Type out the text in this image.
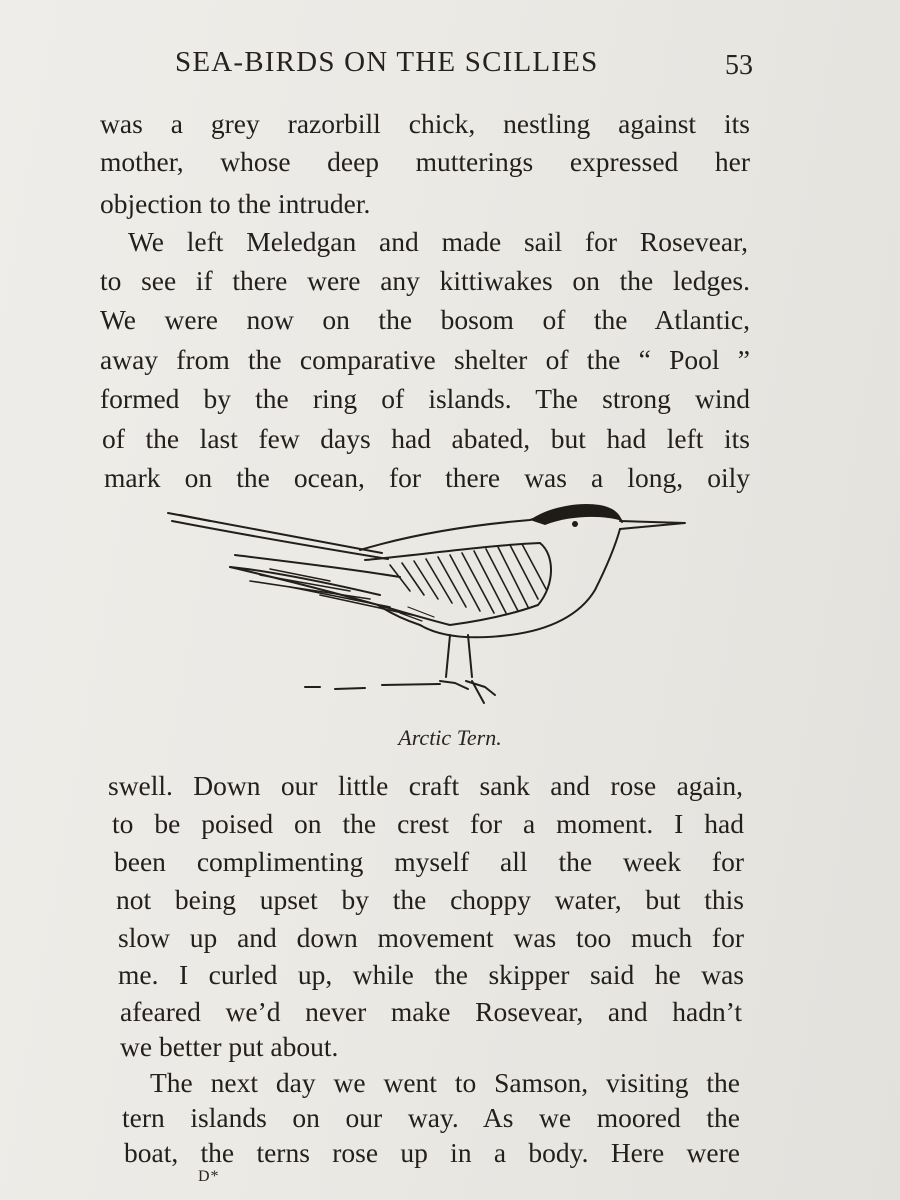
SEA-BIRDS ON THE SCILLIES	53
was a grey razorbill chick, nestling against its
mother, whose deep mutterings expressed her
objection to the intruder.
We left Meledgan and made sail for Rosevear,
to see if there were any kittiwakes on the ledges.
We were now on the bosom of the Atlantic,
away from the comparative shelter of the “ Pool ”
formed by the ring of islands. The strong wind
of the last few days had abated, but had left its
mark on the ocean, for there was a long, oily
Arctic Tern.
swell. Down our little craft sank and rose again,
to be poised on the crest for a moment. I had
been complimenting myself all the week for
not being upset by the choppy water, but this
slow up and down movement was too much for
me. I curled up, while the skipper said he was
afeared we’d never make Rosevear, and hadn’t
we better put about.
The next day we went to Samson, visiting the
tern islands on our way. As we moored the
boat, the terns rose up in a body. Here were
D*
